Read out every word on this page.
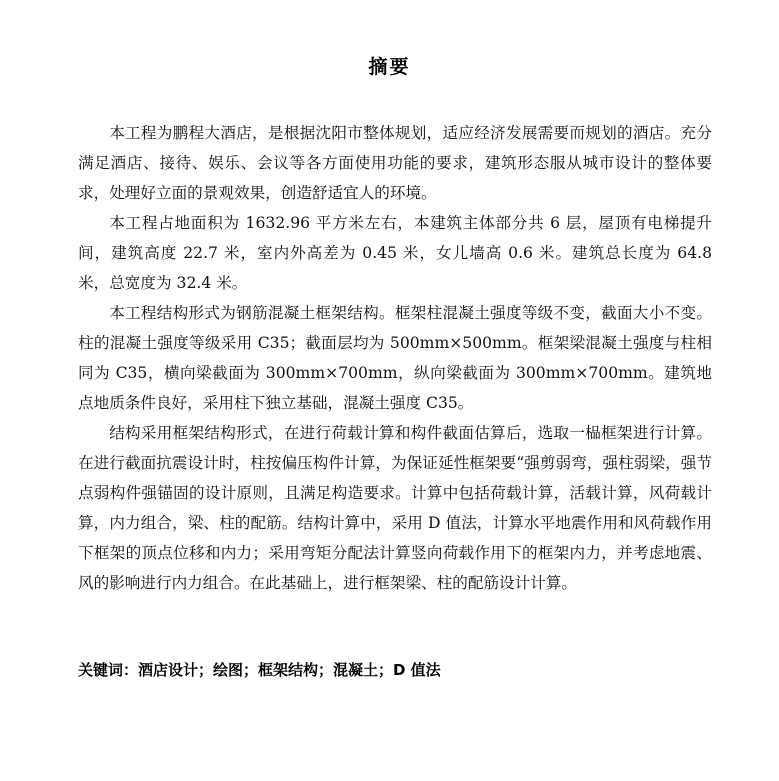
摘要

本工程为鹏程大酒店，是根据沈阳市整体规划，适应经济发展需要而规划的酒店。充分满足酒店、接待、娱乐、会议等各方面使用功能的要求，建筑形态服从城市设计的整体要求，处理好立面的景观效果，创造舒适宜人的环境。

本工程占地面积为 1632.96 平方米左右，本建筑主体部分共 6 层，屋顶有电梯提升间，建筑高度 22.7 米，室内外高差为 0.45 米，女儿墙高 0.6 米。建筑总长度为 64.8 米，总宽度为 32.4 米。

本工程结构形式为钢筋混凝土框架结构。框架柱混凝土强度等级不变，截面大小不变。柱的混凝土强度等级采用 C35；截面层均为 500mm×500mm。框架梁混凝土强度与柱相同为 C35，横向梁截面为 300mm×700mm，纵向梁截面为 300mm×700mm。建筑地点地质条件良好，采用柱下独立基础，混凝土强度 C35。

结构采用框架结构形式，在进行荷载计算和构件截面估算后，选取一榀框架进行计算。在进行截面抗震设计时，柱按偏压构件计算，为保证延性框架要“强剪弱弯，强柱弱梁，强节点弱构件强锚固的设计原则，且满足构造要求。计算中包括荷载计算，活载计算，风荷载计算，内力组合，梁、柱的配筋。结构计算中，采用 D 值法，计算水平地震作用和风荷载作用下框架的顶点位移和内力；采用弯矩分配法计算竖向荷载作用下的框架内力，并考虑地震、风的影响进行内力组合。在此基础上，进行框架梁、柱的配筋设计计算。

关键词：酒店设计；绘图；框架结构；混凝土；D 值法
